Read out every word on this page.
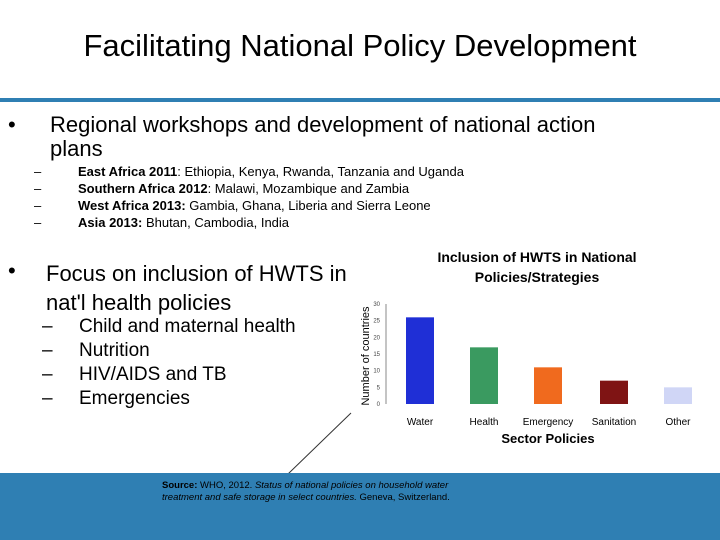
Facilitating National Policy Development
• Regional workshops and development of national action plans
–	East Africa 2011: Ethiopia, Kenya, Rwanda, Tanzania and Uganda
–	Southern Africa 2012: Malawi, Mozambique and Zambia
–	West Africa 2013: Gambia, Ghana, Liberia and Sierra Leone
–	Asia 2013: Bhutan, Cambodia, India
• Focus on inclusion of HWTS in nat'l health policies
– Child and maternal health
– Nutrition
– HIV/AIDS and TB
– Emergencies
Inclusion of HWTS in National
Policies/Strategies
Number of countries 0
5
10
15
20
25
30
Water	Health Emergency Sanitation	Other
Sector Policies
Source: WHO, 2012. Status of national policies on household water treatment and safe storage in select countries. Geneva, Switzerland.
